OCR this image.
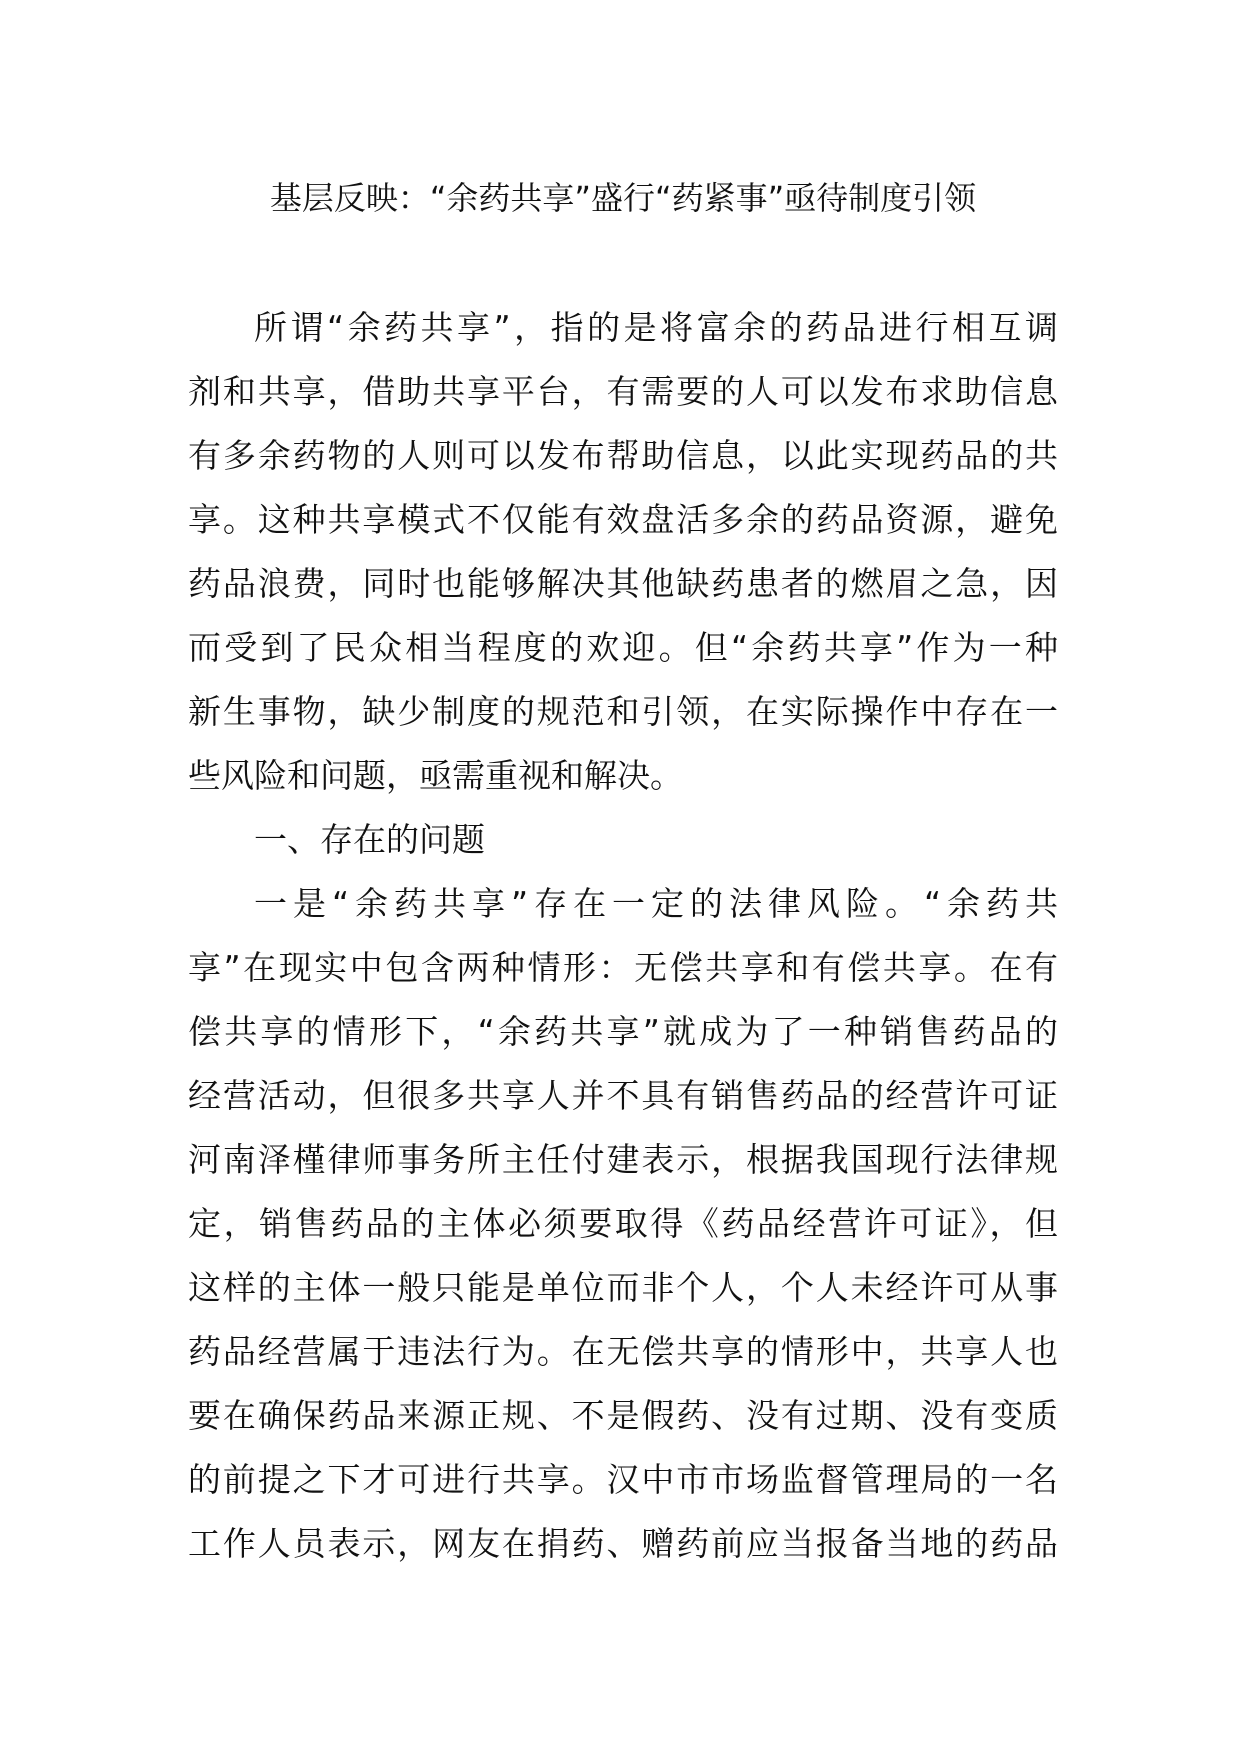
基层反映：“余药共享”盛行“药紧事”亟待制度引领

所谓“余药共享”，指的是将富余的药品进行相互调

剂和共享，借助共享平台，有需要的人可以发布求助信息

有多余药物的人则可以发布帮助信息，以此实现药品的共

享。这种共享模式不仅能有效盘活多余的药品资源，避免

药品浪费，同时也能够解决其他缺药患者的燃眉之急，因

而受到了民众相当程度的欢迎。但“余药共享”作为一种

新生事物，缺少制度的规范和引领，在实际操作中存在一

些风险和问题，亟需重视和解决。

一、存在的问题

一是“余药共享”存在一定的法律风险。“余药共

享”在现实中包含两种情形：无偿共享和有偿共享。在有

偿共享的情形下，“余药共享”就成为了一种销售药品的

经营活动，但很多共享人并不具有销售药品的经营许可证

河南泽槿律师事务所主任付建表示，根据我国现行法律规

定，销售药品的主体必须要取得《药品经营许可证》，但

这样的主体一般只能是单位而非个人，个人未经许可从事

药品经营属于违法行为。在无偿共享的情形中，共享人也

要在确保药品来源正规、不是假药、没有过期、没有变质

的前提之下才可进行共享。汉中市市场监督管理局的一名

工作人员表示，网友在捐药、赠药前应当报备当地的药品
